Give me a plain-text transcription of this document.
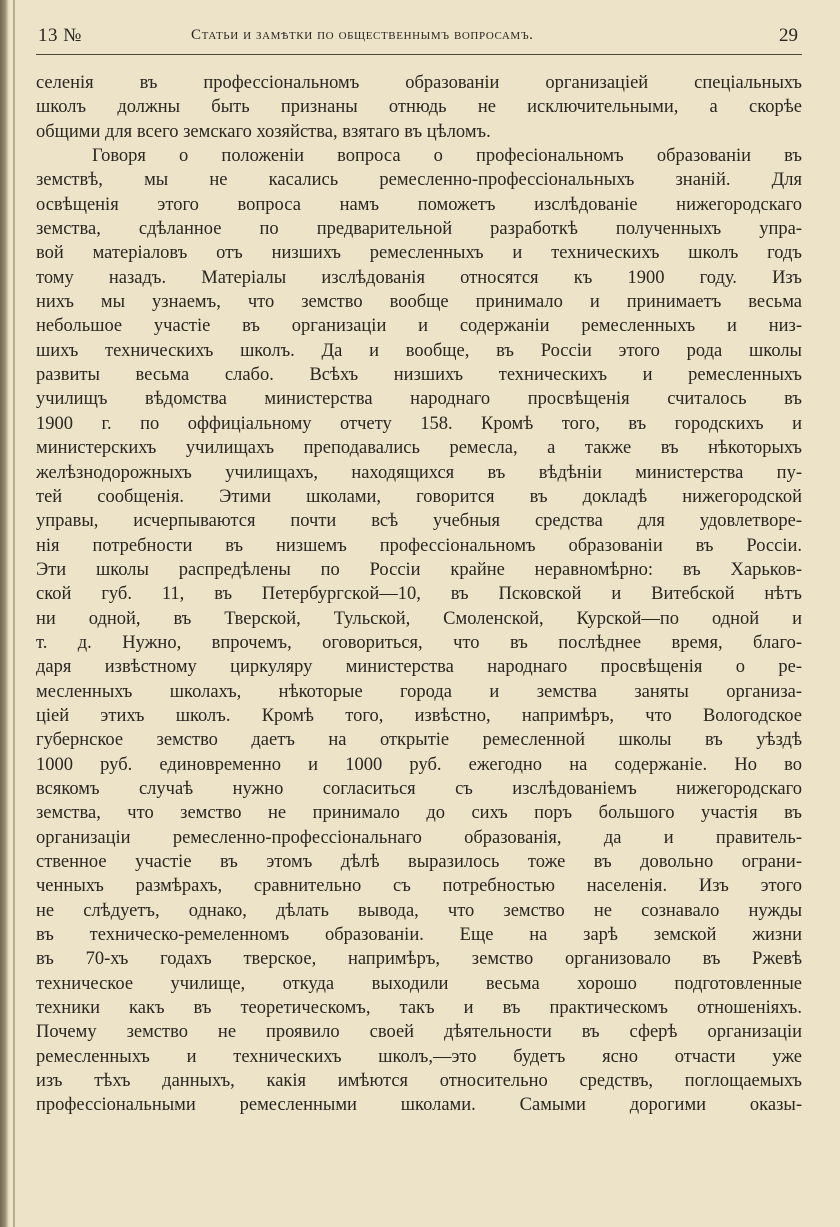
13 №	Статьи и замѣтки по общественнымъ вопросамъ.	29
селенія въ профессіональномъ образованіи организаціей спеціальныхъ
школъ должны быть признаны отнюдь не исключительными, а скорѣе
общими для всего земскаго хозяйства, взятаго въ цѣломъ.
Говоря о положеніи вопроса о професіональномъ образованіи въ
земствѣ, мы не касались ремесленно-профессіональныхъ знаній. Для
освѣщенія этого вопроса намъ поможетъ изслѣдованіе нижегородскаго
земства, сдѣланное по предварительной разработкѣ полученныхъ упра-
вой матеріаловъ отъ низшихъ ремесленныхъ и техническихъ школъ годъ
тому назадъ. Матеріалы изслѣдованія относятся къ 1900 году. Изъ
нихъ мы узнаемъ, что земство вообще принимало и принимаетъ весьма
небольшое участіе въ организаціи и содержаніи ремесленныхъ и низ-
шихъ техническихъ школъ. Да и вообще, въ Россіи этого рода школы
развиты весьма слабо. Всѣхъ низшихъ техническихъ и ремесленныхъ
училищъ вѣдомства министерства народнаго просвѣщенія считалось въ
1900 г. по оффиціальному отчету 158. Кромѣ того, въ городскихъ и
министерскихъ училищахъ преподавались ремесла, а также въ нѣкоторыхъ
желѣзнодорожныхъ училищахъ, находящихся въ вѣдѣніи министерства пу-
тей сообщенія. Этими школами, говорится въ докладѣ нижегородской
управы, исчерпываются почти всѣ учебныя средства для удовлетворе-
нія потребности въ низшемъ профессіональномъ образованіи въ Россіи.
Эти школы распредѣлены по Россіи крайне неравномѣрно: въ Харьков-
ской губ. 11, въ Петербургской—10, въ Псковской и Витебской нѣтъ
ни одной, въ Тверской, Тульской, Смоленской, Курской—по одной и
т. д. Нужно, впрочемъ, оговориться, что въ послѣднее время, благо-
даря извѣстному циркуляру министерства народнаго просвѣщенія о ре-
месленныхъ школахъ, нѣкоторые города и земства заняты организа-
ціей этихъ школъ. Кромѣ того, извѣстно, напримѣръ, что Вологодское
губернское земство даетъ на открытіе ремесленной школы въ уѣздѣ
1000 руб. единовременно и 1000 руб. ежегодно на содержаніе. Но во
всякомъ случаѣ нужно согласиться съ изслѣдованіемъ нижегородскаго
земства, что земство не принимало до сихъ поръ большого участія въ
организаціи ремесленно-профессіональнаго образованія, да и правитель-
ственное участіе въ этомъ дѣлѣ выразилось тоже въ довольно ограни-
ченныхъ размѣрахъ, сравнительно съ потребностью населенія. Изъ этого
не слѣдуетъ, однако, дѣлать вывода, что земство не сознавало нужды
въ техническо-ремеленномъ образованіи. Еще на зарѣ земской жизни
въ 70-хъ годахъ тверское, напримѣръ, земство организовало въ Ржевѣ
техническое училище, откуда выходили весьма хорошо подготовленные
техники какъ въ теоретическомъ, такъ и въ практическомъ отношеніяхъ.
Почему земство не проявило своей дѣятельности въ сферѣ организаціи
ремесленныхъ и техническихъ школъ,—это будетъ ясно отчасти уже
изъ тѣхъ данныхъ, какія имѣются относительно средствъ, поглощаемыхъ
профессіональными ремесленными школами. Самыми дорогими оказы-
